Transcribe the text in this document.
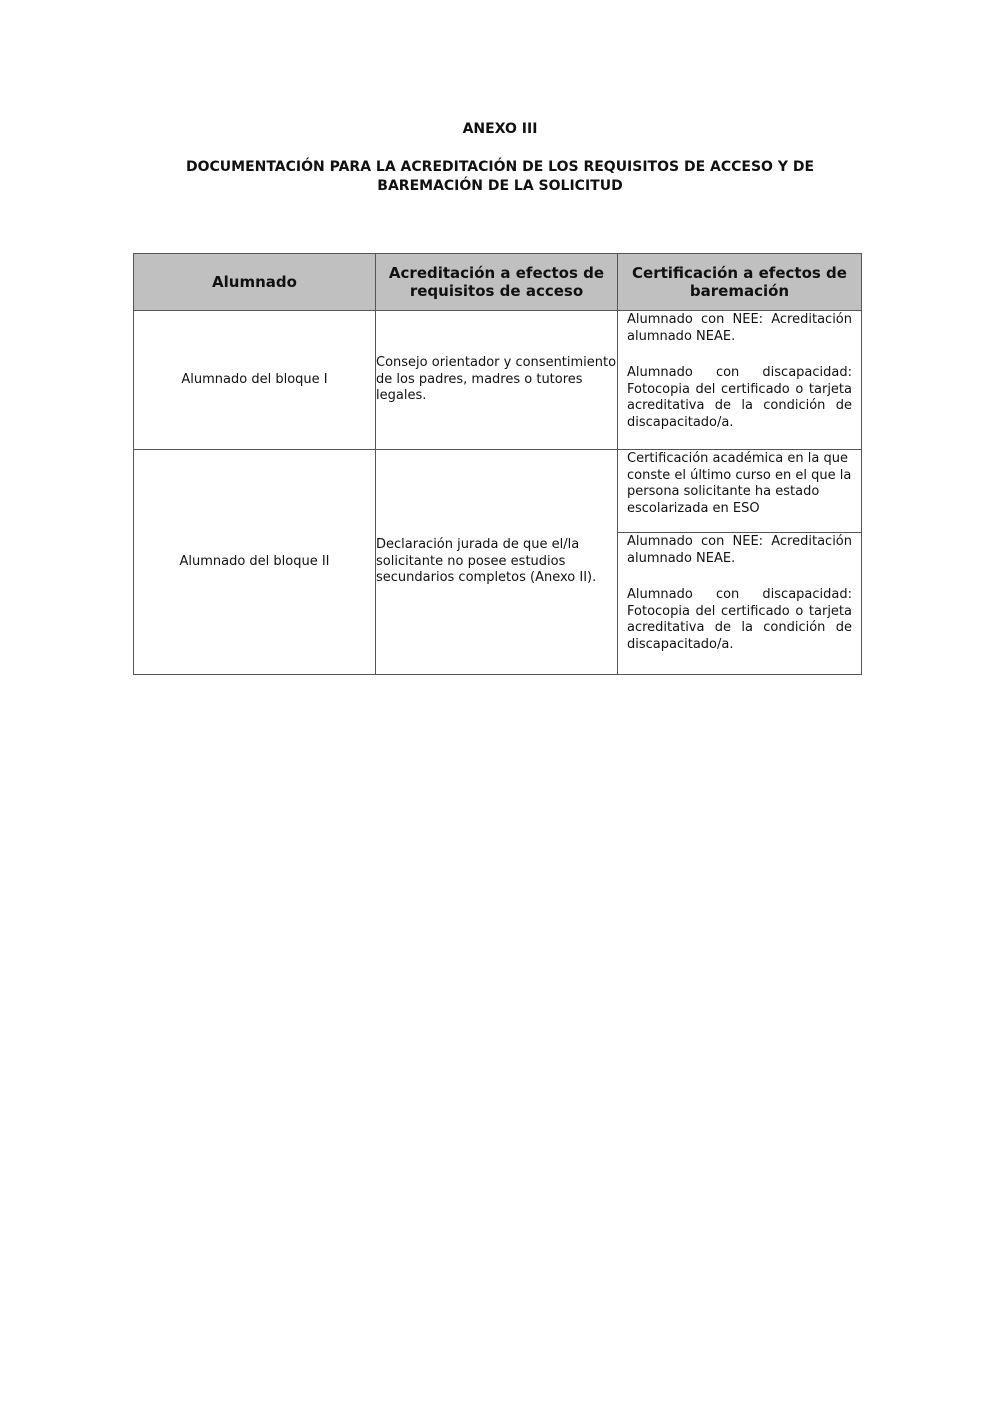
ANEXO III
DOCUMENTACIÓN PARA LA ACREDITACIÓN DE LOS REQUISITOS DE ACCESO Y DE BAREMACIÓN DE LA SOLICITUD
Alumnado	Acreditación a efectos de requisitos de acceso	Certificación a efectos de baremación
Alumnado del bloque I	Consejo orientador y consentimiento de los padres, madres o tutores legales.	Alumnado con NEE: Acreditación alumnado NEAE.

Alumnado con discapacidad: Fotocopia del certificado o tarjeta acreditativa de la condición de discapacitado/a.

Alumnado del bloque II	Declaración jurada de que el/la solicitante no posee estudios secundarios completos (Anexo II).	Certificación académica en la que conste el último curso en el que la persona solicitante ha estado escolarizada en ESO

Alumnado con NEE: Acreditación alumnado NEAE.

Alumnado con discapacidad: Fotocopia del certificado o tarjeta acreditativa de la condición de discapacitado/a.
